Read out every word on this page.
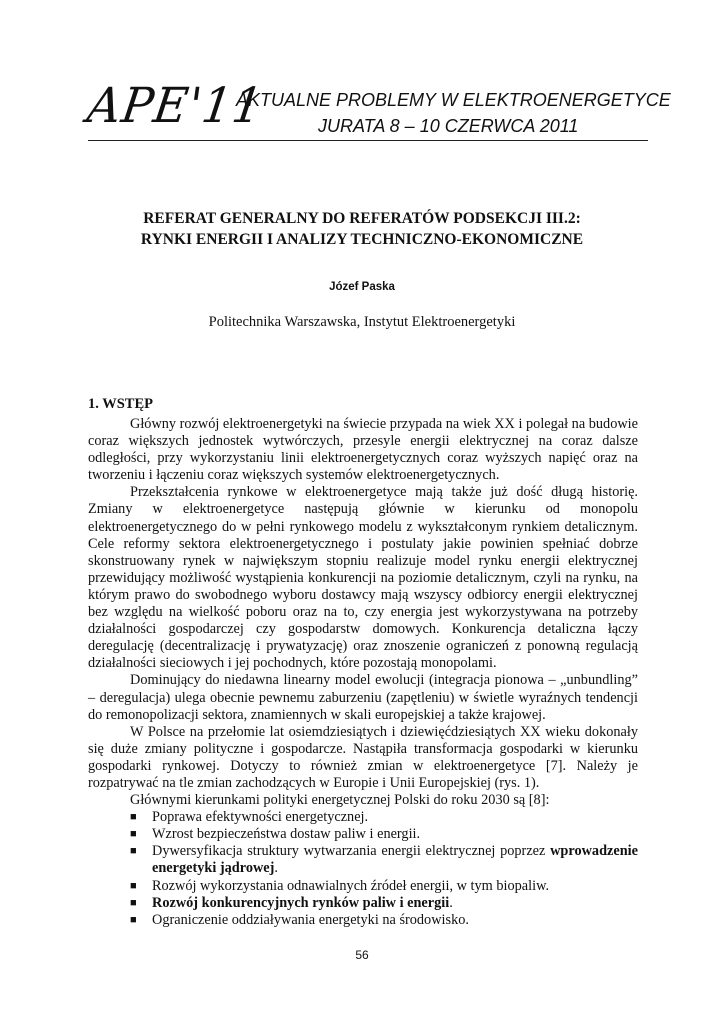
APE'11
AKTUALNE PROBLEMY W ELEKTROENERGETYCE
JURATA 8 – 10 CZERWCA 2011
REFERAT GENERALNY DO REFERATÓW PODSEKCJI III.2:
RYNKI ENERGII I ANALIZY TECHNICZNO-EKONOMICZNE
Józef Paska
Politechnika Warszawska, Instytut Elektroenergetyki
1. WSTĘP

Główny rozwój elektroenergetyki na świecie przypada na wiek XX i polegał na budowie coraz większych jednostek wytwórczych, przesyle energii elektrycznej na coraz dalsze odległości, przy wykorzystaniu linii elektroenergetycznych coraz wyższych napięć oraz na tworzeniu i łączeniu coraz większych systemów elektroenergetycznych.

Przekształcenia rynkowe w elektroenergetyce mają także już dość długą historię. Zmiany w elektroenergetyce następują głównie w kierunku od monopolu elektroenergetycznego do w pełni rynkowego modelu z wykształconym rynkiem detalicznym. Cele reformy sektora elektroenergetycznego i postulaty jakie powinien spełniać dobrze skonstruowany rynek w największym stopniu realizuje model rynku energii elektrycznej przewidujący możliwość wystąpienia konkurencji na poziomie detalicznym, czyli na rynku, na którym prawo do swobodnego wyboru dostawcy mają wszyscy odbiorcy energii elektrycznej bez względu na wielkość poboru oraz na to, czy energia jest wykorzystywana na potrzeby działalności gospodarczej czy gospodarstw domowych. Konkurencja detaliczna łączy deregulację (decentralizację i prywatyzację) oraz znoszenie ograniczeń z ponowną regulacją działalności sieciowych i jej pochodnych, które pozostają monopolami.

Dominujący do niedawna linearny model ewolucji (integracja pionowa – „unbundling” – deregulacja) ulega obecnie pewnemu zaburzeniu (zapętleniu) w świetle wyraźnych tendencji do remonopolizacji sektora, znamiennych w skali europejskiej a także krajowej.

W Polsce na przełomie lat osiemdziesiątych i dziewięćdziesiątych XX wieku dokonały się duże zmiany polityczne i gospodarcze. Nastąpiła transformacja gospodarki w kierunku gospodarki rynkowej. Dotyczy to również zmian w elektroenergetyce [7]. Należy je rozpatrywać na tle zmian zachodzących w Europie i Unii Europejskiej (rys. 1).

Głównymi kierunkami polityki energetycznej Polski do roku 2030 są [8]:

■ Poprawa efektywności energetycznej.
■ Wzrost bezpieczeństwa dostaw paliw i energii.
■ Dywersyfikacja struktury wytwarzania energii elektrycznej poprzez wprowadzenie energetyki jądrowej.
■ Rozwój wykorzystania odnawialnych źródeł energii, w tym biopaliw.
■ Rozwój konkurencyjnych rynków paliw i energii.
■ Ograniczenie oddziaływania energetyki na środowisko.
56
